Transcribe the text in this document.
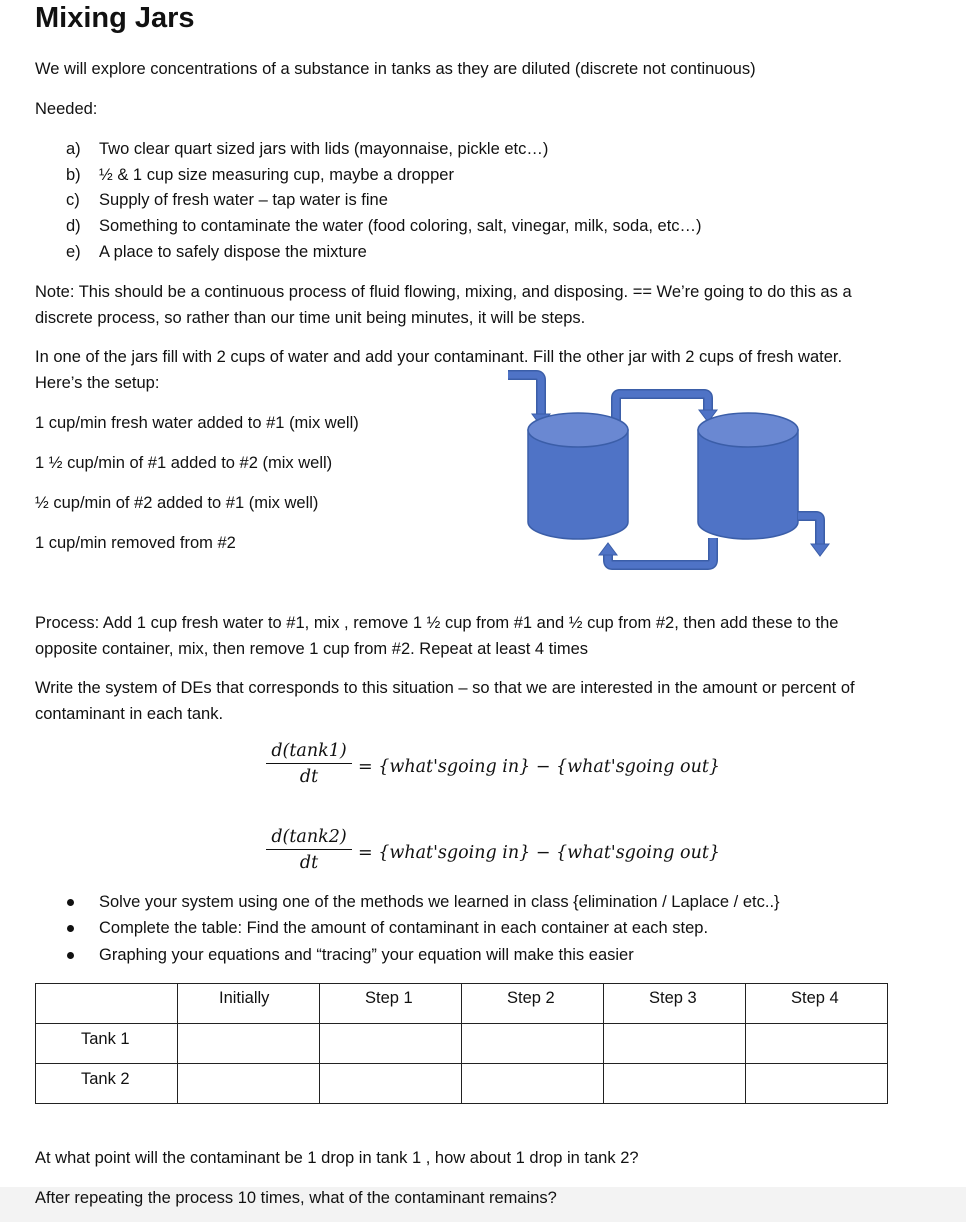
Mixing Jars
We will explore concentrations of a substance in tanks as they are diluted (discrete not continuous)
Needed:
a) Two clear quart sized jars with lids (mayonnaise, pickle etc…)
b) ½ & 1 cup size measuring cup, maybe a dropper
c) Supply of fresh water – tap water is fine
d) Something to contaminate the water (food coloring, salt, vinegar, milk, soda, etc…)
e) A place to safely dispose the mixture
Note: This should be a continuous process of fluid flowing, mixing, and disposing. == We’re going to do this as a
discrete process, so rather than our time unit being minutes, it will be steps.
In one of the jars fill with 2 cups of water and add your contaminant. Fill the other jar with 2 cups of fresh water.
Here’s the setup:
1 cup/min fresh water added to #1 (mix well)
1 ½ cup/min of #1 added to #2 (mix well)
½ cup/min of #2 added to #1 (mix well)
1 cup/min removed from #2
Process: Add 1 cup fresh water to #1, mix , remove 1 ½ cup from #1 and ½ cup from #2, then add these to the
opposite container, mix, then remove 1 cup from #2. Repeat at least 4 times
Write the system of DEs that corresponds to this situation – so that we are interested in the amount or percent of
contaminant in each tank.
d(tank1)
dt	= {what'sgoing in} − {what'sgoing out}
d(tank2)
dt	= {what'sgoing in} − {what'sgoing out}
Solve your system using one of the methods we learned in class {elimination / Laplace / etc..}
Complete the table: Find the amount of contaminant in each container at each step.
Graphing your equations and “tracing” your equation will make this easier

	Initially	Step 1	Step 2	Step 3	Step 4

Tank 1					

Tank 2					

At what point will the contaminant be 1 drop in tank 1 , how about 1 drop in tank 2?
After repeating the process 10 times, what of the contaminant remains?
